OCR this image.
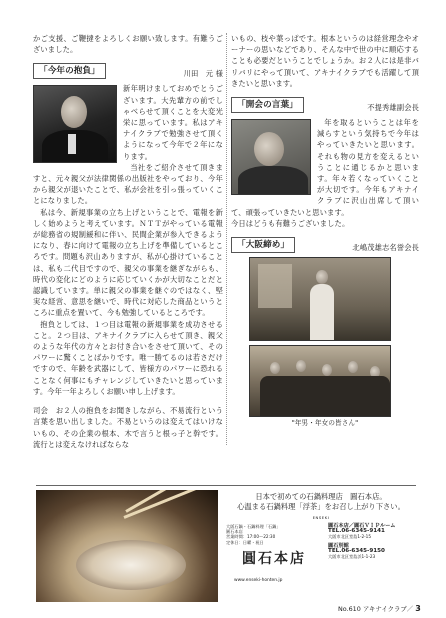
かご支援、ご鞭撻をよろしくお願い致します。有難うございました。

「今年の抱負」	川田　元 様

新年明けましておめでとうございます。大先輩方の前でしゃべらせて頂くことを大変光栄に思っています。私はアキナイクラブで勉強させて頂くようになって今年で２年になります。

当社をご紹介させて頂きますと、元々親父が法律関係の出版社をやっており、今年から親父が退いたことで、私が会社を引っ張っていくことになりました。

私は今、新規事業の立ち上げということで、電報を新しく始めようと考えています。ＮＴＴがやっている電報が総務省の規制緩和に伴い、民間企業が参入できるようになり、春に向けて電報の立ち上げを準備しているところです。問題も沢山ありますが、私が心掛けていることは、私も二代目ですので、親父の事業を継ぎながらも、時代の変化にどのように応じていくかが大切なことだと認識しています。単に親父の事業を継ぐのではなく、堅実な経営、意思を継いで、時代に対応した商品というところに重点を置いて、今も勉強しているところです。

抱負としては、１つ目は電報の新規事業を成功させること。２つ目は、アキナイクラブに入らせて頂き、親父のような年代の方々とお付き合いをさせて頂いて、そのパワーに驚くことばかりです。唯一勝てるのは若さだけですので、年齢を武器にして、皆様方のパワーに恐れることなく何事にもチャレンジしていきたいと思っています。今年一年よろしくお願い申し上げます。

司会　お２人の抱負をお聞きしながら、不易流行という言葉を思い出しました。不易というのは変えてはいけないもの、その企業の根本、木で言うと根っ子と幹です。流行とは変えなければならな

いもの、枝や葉っぱです。根本というのは経営理念やオーナーの思いなどであり、そんな中で世の中に順応することも必要だということでしょうか。お２人には是非バリバリにやって頂いて、アキナイクラブでも活躍して頂きたいと思います。

「開会の言葉」	不提秀雄副会長

年を取るということは年を減らすという気持ちで今年はやっていきたいと思います。それも物の見方を変えるということに通じるかと思います。年々若くなっていくことが大切です。今年もアキナイクラブに沢山出席して頂いて、頑張っていきたいと思います。

今日はどうも有難うございました。

「大阪締め」	北嶋茂雄志名誉会長
"年男・年女の皆さん"
日本で初めての石鍋料理店　圓石本店。
心温まる石鍋料理「浮茶」をお召し上がり下さい。
ENSEKI
大阪石鍋・石鍋料理「石鍋」
圓石本店
営業時間：17:00〜22:30
定休日：日曜・祝日
圓石本店
www.enseki-honten.jp
圓石本店／圓石ＶＩＰルーム
TEL.06-6345-9141
大阪市北区堂島1-2-15
圓石別館
TEL.06-6345-9150
大阪市北区堂島浜1-1-23
No.610 アキナイクラブ／ 3
